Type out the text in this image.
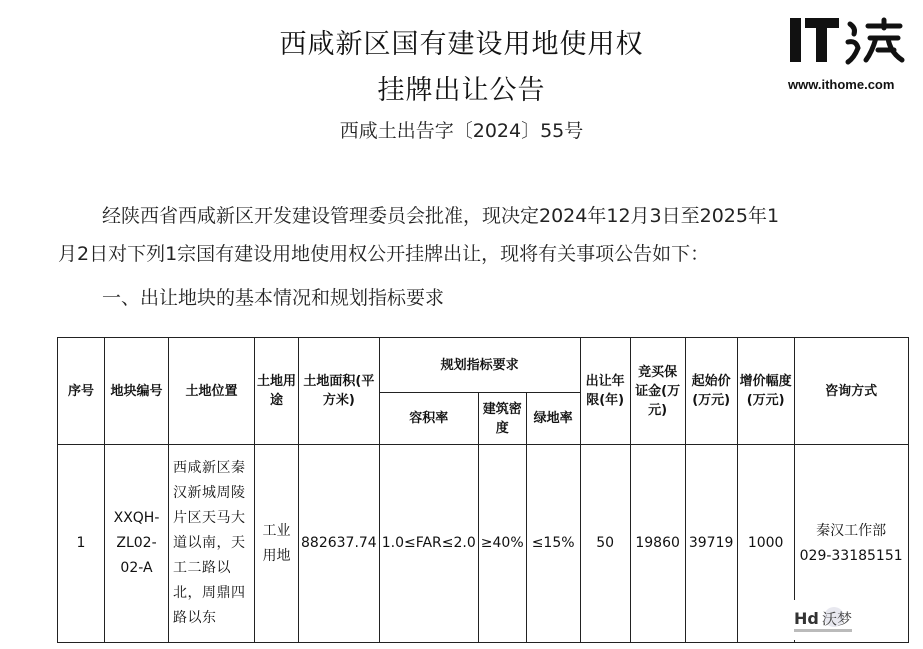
西咸新区国有建设用地使用权
挂牌出让公告
西咸土出告字〔2024〕55号
www.ithome.com
经陕西省西咸新区开发建设管理委员会批准，现决定2024年12月3日至2025年1
月2日对下列1宗国有建设用地使用权公开挂牌出让，现将有关事项公告如下：
一、出让地块的基本情况和规划指标要求
序号	地块编号	土地位置	土地用途	土地面积(平方米)	规划指标要求			出让年限(年)	竞买保证金(万元)	起始价(万元)	增价幅度(万元)	咨询方式
					容积率	建筑密度	绿地率					
1	XXQH-ZL02-02-A	西咸新区秦汉新城周陵片区天马大道以南，天工二路以北，周鼎四路以东	工业用地	882637.74	1.0≤FAR≤2.0	≥40%	≤15%	50	19860	39719	1000	秦汉工作部
029-33185151
Hd 沃梦
